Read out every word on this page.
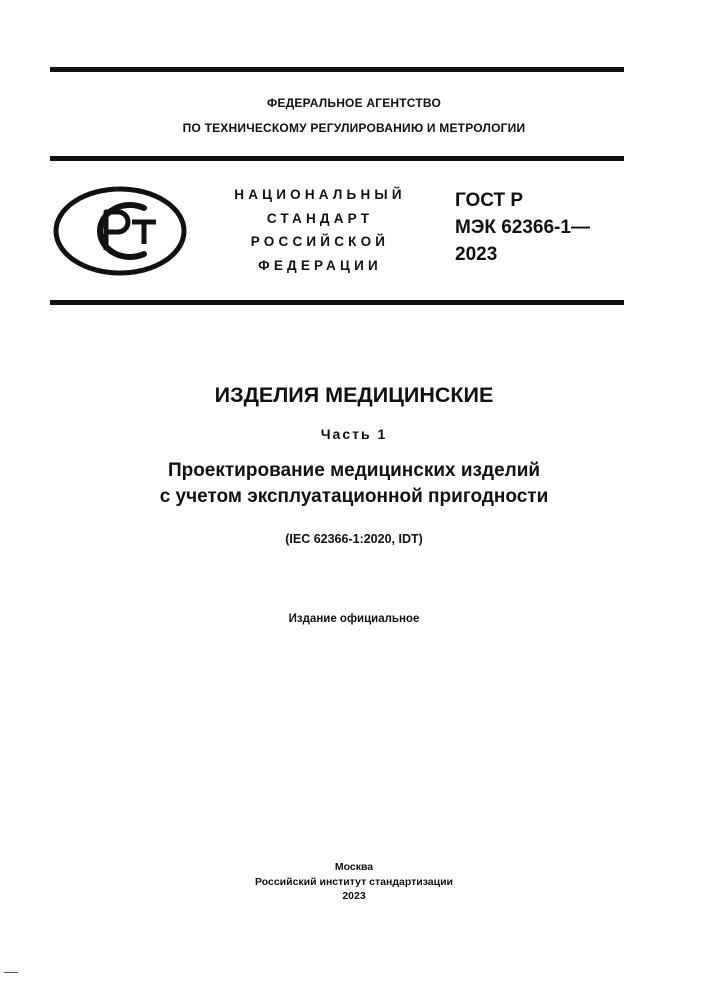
ФЕДЕРАЛЬНОЕ АГЕНТСТВО
ПО ТЕХНИЧЕСКОМУ РЕГУЛИРОВАНИЮ И МЕТРОЛОГИИ
НАЦИОНАЛЬНЫЙ
СТАНДАРТ
РОССИЙСКОЙ
ФЕДЕРАЦИИ
ГОСТ Р
МЭК 62366-1—
2023
ИЗДЕЛИЯ МЕДИЦИНСКИЕ
Часть 1
Проектирование медицинских изделий
с учетом эксплуатационной пригодности
(IEC 62366-1:2020, IDT)
Издание официальное
Москва
Российский институт стандартизации
2023
